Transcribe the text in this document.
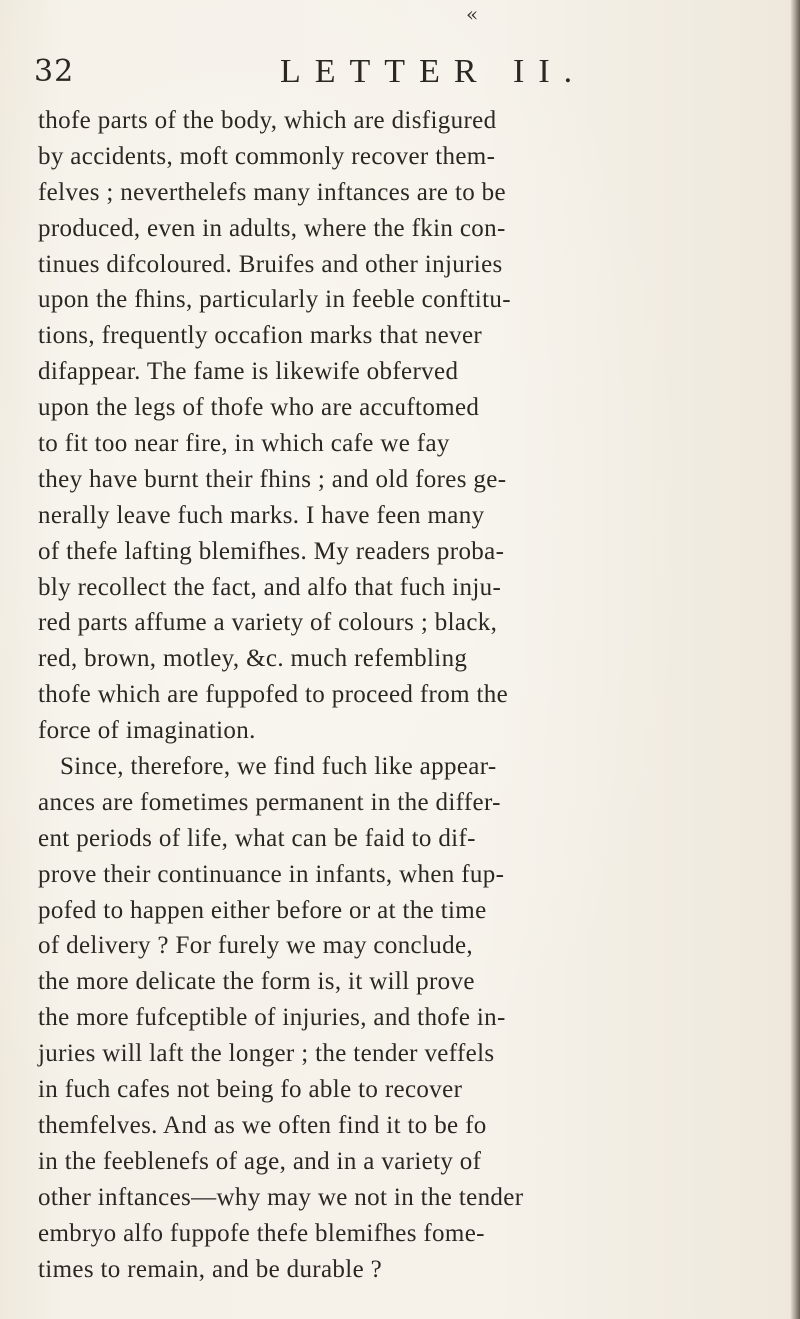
«
32	LETTER II.
thofe parts of the body, which are disfigured
by accidents, moft commonly recover them-
felves ; neverthelefs many inftances are to be
produced, even in adults, where the fkin con-
tinues difcoloured. Bruifes and other injuries
upon the fhins, particularly in feeble conftitu-
tions, frequently occafion marks that never
difappear. The fame is likewife obferved
upon the legs of thofe who are accuftomed
to fit too near fire, in which cafe we fay
they have burnt their fhins ; and old fores ge-
nerally leave fuch marks. I have feen many
of thefe lafting blemifhes. My readers proba-
bly recollect the fact, and alfo that fuch inju-
red parts affume a variety of colours ; black,
red, brown, motley, &c. much refembling
thofe which are fuppofed to proceed from the
force of imagination.
Since, therefore, we find fuch like appear-
ances are fometimes permanent in the differ-
ent periods of life, what can be faid to dif-
prove their continuance in infants, when fup-
pofed to happen either before or at the time
of delivery ? For furely we may conclude,
the more delicate the form is, it will prove
the more fufceptible of injuries, and thofe in-
juries will laft the longer ; the tender veffels
in fuch cafes not being fo able to recover
themfelves. And as we often find it to be fo
in the feeblenefs of age, and in a variety of
other inftances—why may we not in the tender
embryo alfo fuppofe thefe blemifhes fome-
times to remain, and be durable ?
